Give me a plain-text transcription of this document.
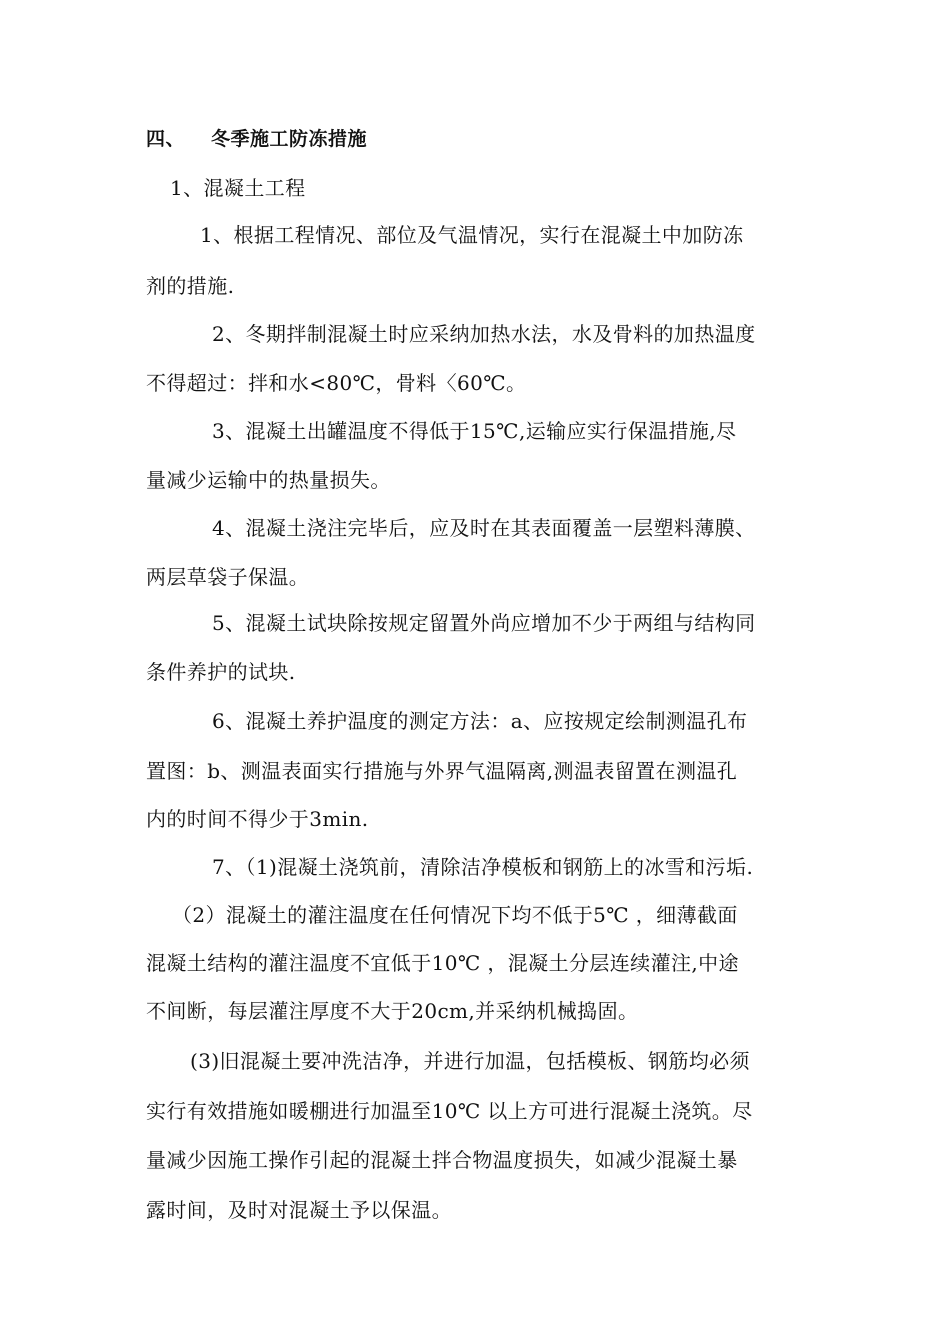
四、 冬季施工防冻措施
1、混凝土工程
1、根据工程情况、部位及气温情况，实行在混凝土中加防冻
剂的措施.
2、冬期拌制混凝土时应采纳加热水法，水及骨料的加热温度
不得超过：拌和水<80℃，骨料〈60℃。
3、混凝土出罐温度不得低于15℃,运输应实行保温措施,尽
量减少运输中的热量损失。
4、混凝土浇注完毕后，应及时在其表面覆盖一层塑料薄膜、
两层草袋子保温。
5、混凝土试块除按规定留置外尚应增加不少于两组与结构同
条件养护的试块.
6、混凝土养护温度的测定方法：a、应按规定绘制测温孔布
置图：b、测温表面实行措施与外界气温隔离,测温表留置在测温孔
内的时间不得少于3min.
7、（1)混凝土浇筑前，清除洁净模板和钢筋上的冰雪和污垢.
（2）混凝土的灌注温度在任何情况下均不低于5℃ ，细薄截面
混凝土结构的灌注温度不宜低于10℃ ，混凝土分层连续灌注,中途
不间断，每层灌注厚度不大于20cm,并采纳机械捣固。
(3)旧混凝土要冲洗洁净，并进行加温，包括模板、钢筋均必须
实行有效措施如暖棚进行加温至10℃ 以上方可进行混凝土浇筑。尽
量减少因施工操作引起的混凝土拌合物温度损失，如减少混凝土暴
露时间，及时对混凝土予以保温。
